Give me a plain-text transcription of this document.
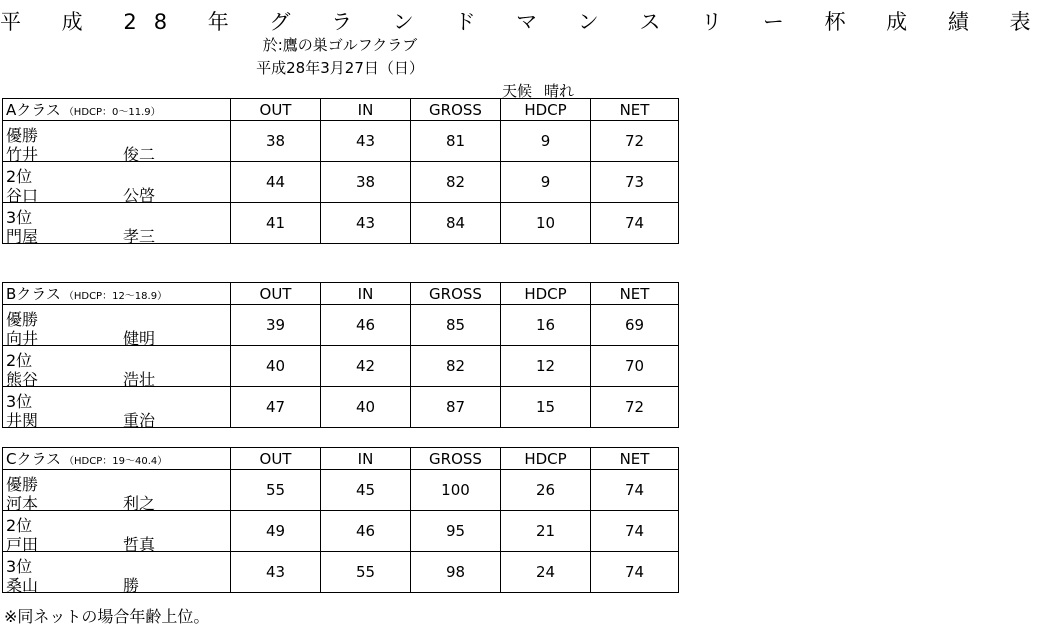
平 成 28 年 グ ラ ン ド マ ン ス リ ー 杯 成 績 表
於:鷹の巣ゴルフクラブ
平成28年3月27日（日）
天候 晴れ
Aクラス （HDCP：0～11.9）	OUT	IN	GROSS	HDCP	NET

優勝
竹井 俊二	38	43	81	9	72

2位
谷口 公啓	44	38	82	9	73

3位
門屋 孝三	41	43	84	10	74
Bクラス （HDCP：12～18.9）	OUT	IN	GROSS	HDCP	NET

優勝
向井 健明	39	46	85	16	69

2位
熊谷 浩壮	40	42	82	12	70

3位
井関 重治	47	40	87	15	72
Cクラス （HDCP：19～40.4）	OUT	IN	GROSS	HDCP	NET

優勝
河本 利之	55	45	100	26	74

2位
戸田 哲真	49	46	95	21	74

3位
桑山 勝	43	55	98	24	74
※同ネットの場合年齢上位。
